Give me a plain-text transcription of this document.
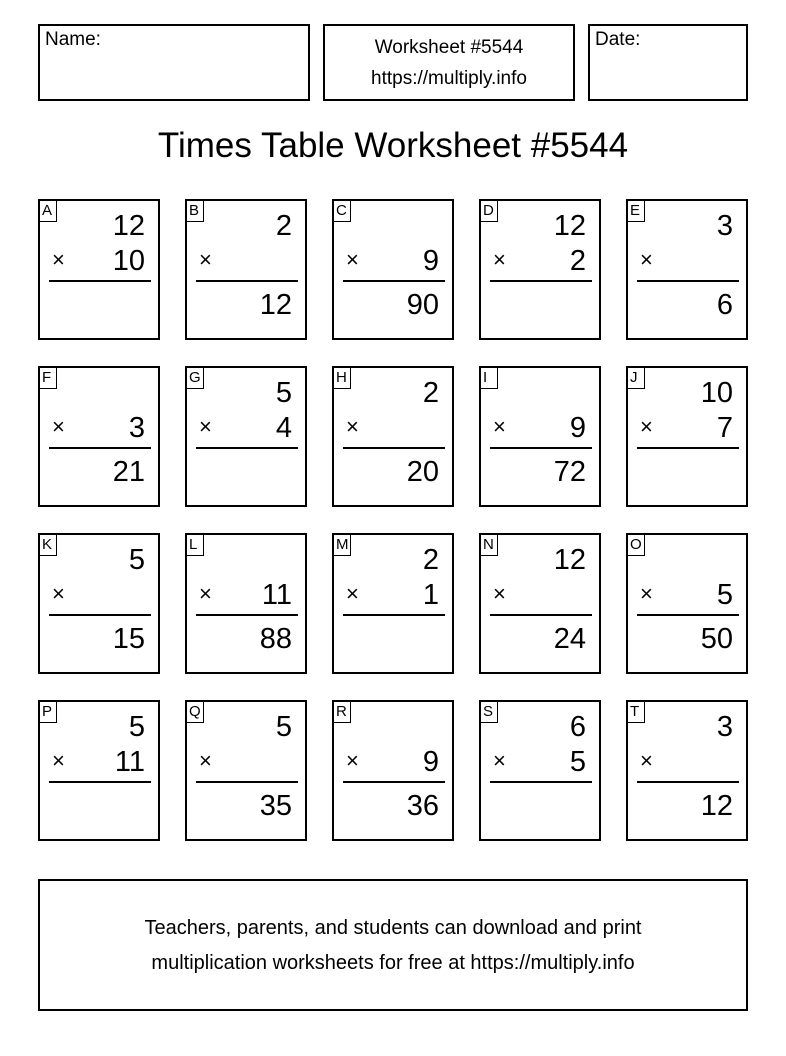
Name:	Worksheet #5544
https://multiply.info
Date:
Times Table Worksheet #5544
A 12
× 10
B	2
×
12
C
× 9
90
D 12
× 2
E	3
×
6
F
× 3
21
G	5
× 4
H	2
×
20
I
× 9
72
J 10
× 7
K	5
×
15
L
× 11
88
M	2
× 1
N 12
×
24
O
× 5
50
P	5
× 11
Q	5
×
35
R
× 9
36
S	6
× 5
T	3
×
12
Teachers, parents, and students can download and print
multiplication worksheets for free at https://multiply.info
